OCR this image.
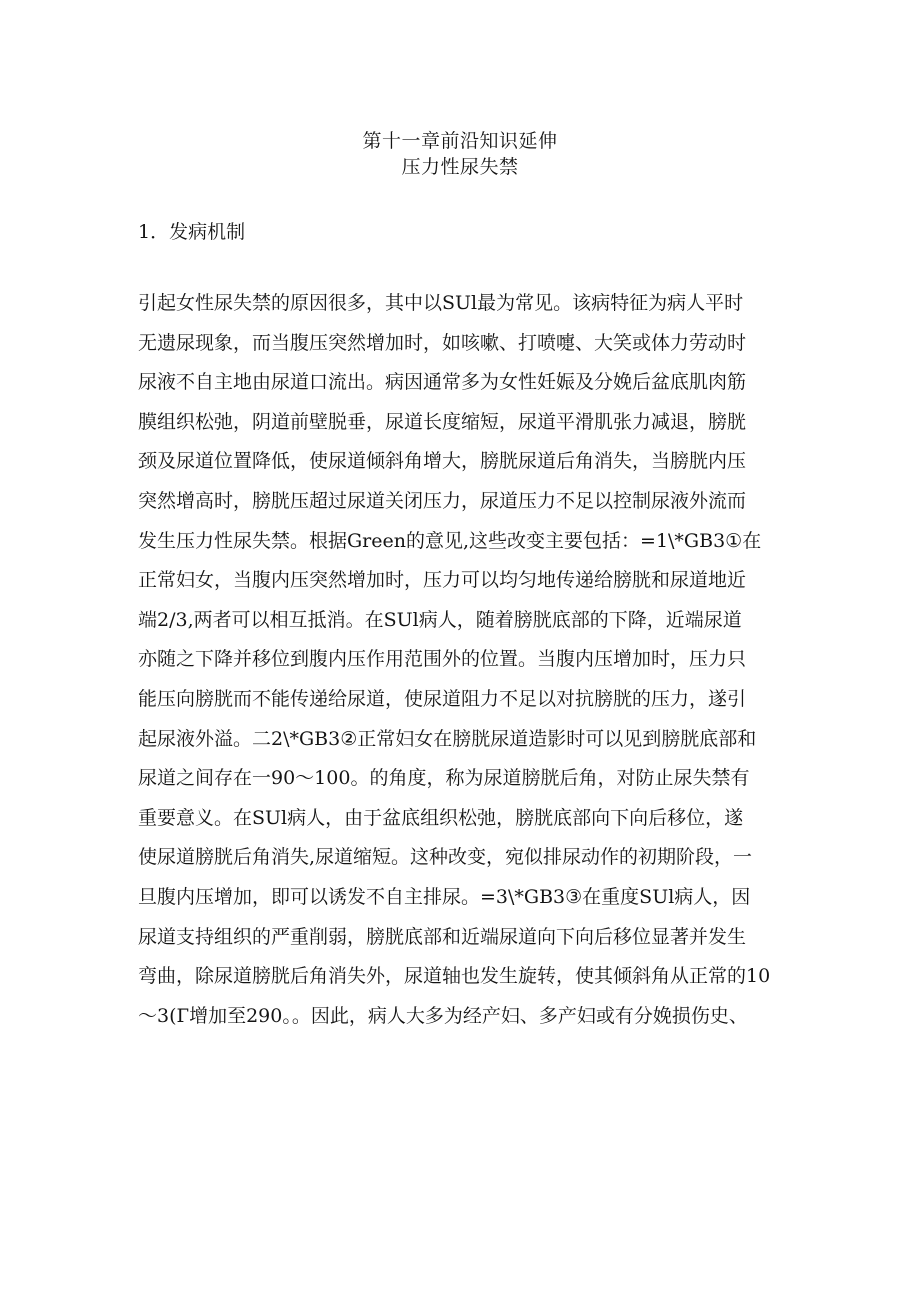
第十一章前沿知识延伸
压力性尿失禁
1．发病机制
引起女性尿失禁的原因很多，其中以SUl最为常见。该病特征为病人平时
无遗尿现象，而当腹压突然增加时，如咳嗽、打喷嚏、大笑或体力劳动时
尿液不自主地由尿道口流出。病因通常多为女性妊娠及分娩后盆底肌肉筋
膜组织松弛，阴道前壁脱垂，尿道长度缩短，尿道平滑肌张力减退，膀胱
颈及尿道位置降低，使尿道倾斜角增大，膀胱尿道后角消失，当膀胱内压
突然增高时，膀胱压超过尿道关闭压力，尿道压力不足以控制尿液外流而
发生压力性尿失禁。根据Green的意见,这些改变主要包括：=1\*GB3①在
正常妇女，当腹内压突然增加时，压力可以均匀地传递给膀胱和尿道地近
端2/3,两者可以相互抵消。在SUl病人，随着膀胱底部的下降，近端尿道
亦随之下降并移位到腹内压作用范围外的位置。当腹内压增加时，压力只
能压向膀胱而不能传递给尿道，使尿道阻力不足以对抗膀胱的压力，遂引
起尿液外溢。二2\*GB3②正常妇女在膀胱尿道造影时可以见到膀胱底部和
尿道之间存在一90～100。的角度，称为尿道膀胱后角，对防止尿失禁有
重要意义。在SUl病人，由于盆底组织松弛，膀胱底部向下向后移位，遂
使尿道膀胱后角消失,尿道缩短。这种改变，宛似排尿动作的初期阶段，一
旦腹内压增加，即可以诱发不自主排尿。=3\*GB3③在重度SUl病人，因
尿道支持组织的严重削弱，膀胱底部和近端尿道向下向后移位显著并发生
弯曲，除尿道膀胱后角消失外，尿道轴也发生旋转，使其倾斜角从正常的10
～3(Г增加至290。。因此，病人大多为经产妇、多产妇或有分娩损伤史、
